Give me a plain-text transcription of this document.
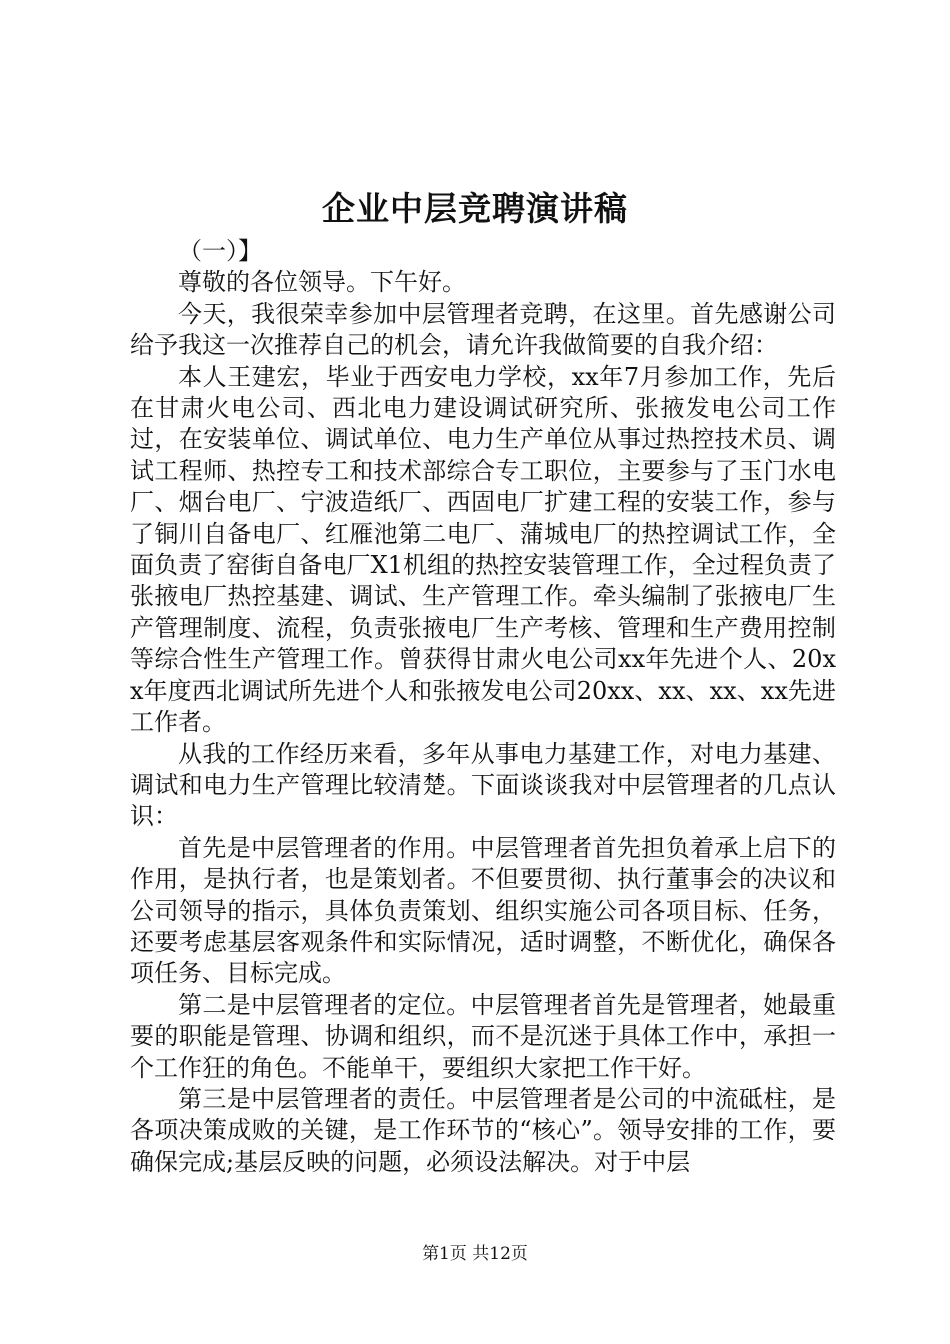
企业中层竞聘演讲稿

（一）】

尊敬的各位领导。下午好。

今天，我很荣幸参加中层管理者竞聘，在这里。首先感谢公司给予我这一次推荐自己的机会，请允许我做简要的自我介绍：

本人王建宏，毕业于西安电力学校，xx年7月参加工作，先后在甘肃火电公司、西北电力建设调试研究所、张掖发电公司工作过，在安装单位、调试单位、电力生产单位从事过热控技术员、调试工程师、热控专工和技术部综合专工职位，主要参与了玉门水电厂、烟台电厂、宁波造纸厂、西固电厂扩建工程的安装工作，参与了铜川自备电厂、红雁池第二电厂、蒲城电厂的热控调试工作，全面负责了窑街自备电厂X1机组的热控安装管理工作，全过程负责了张掖电厂热控基建、调试、生产管理工作。牵头编制了张掖电厂生产管理制度、流程，负责张掖电厂生产考核、管理和生产费用控制等综合性生产管理工作。曾获得甘肃火电公司xx年先进个人、20xx年度西北调试所先进个人和张掖发电公司20xx、xx、xx、xx先进工作者。

从我的工作经历来看，多年从事电力基建工作，对电力基建、调试和电力生产管理比较清楚。下面谈谈我对中层管理者的几点认识：

首先是中层管理者的作用。中层管理者首先担负着承上启下的作用，是执行者，也是策划者。不但要贯彻、执行董事会的决议和公司领导的指示，具体负责策划、组织实施公司各项目标、任务，还要考虑基层客观条件和实际情况，适时调整，不断优化，确保各项任务、目标完成。

第二是中层管理者的定位。中层管理者首先是管理者，她最重要的职能是管理、协调和组织，而不是沉迷于具体工作中，承担一个工作狂的角色。不能单干，要组织大家把工作干好。

第三是中层管理者的责任。中层管理者是公司的中流砥柱，是各项决策成败的关键，是工作环节的“核心”。领导安排的工作，要确保完成;基层反映的问题，必须设法解决。对于中层

第1页 共12页
